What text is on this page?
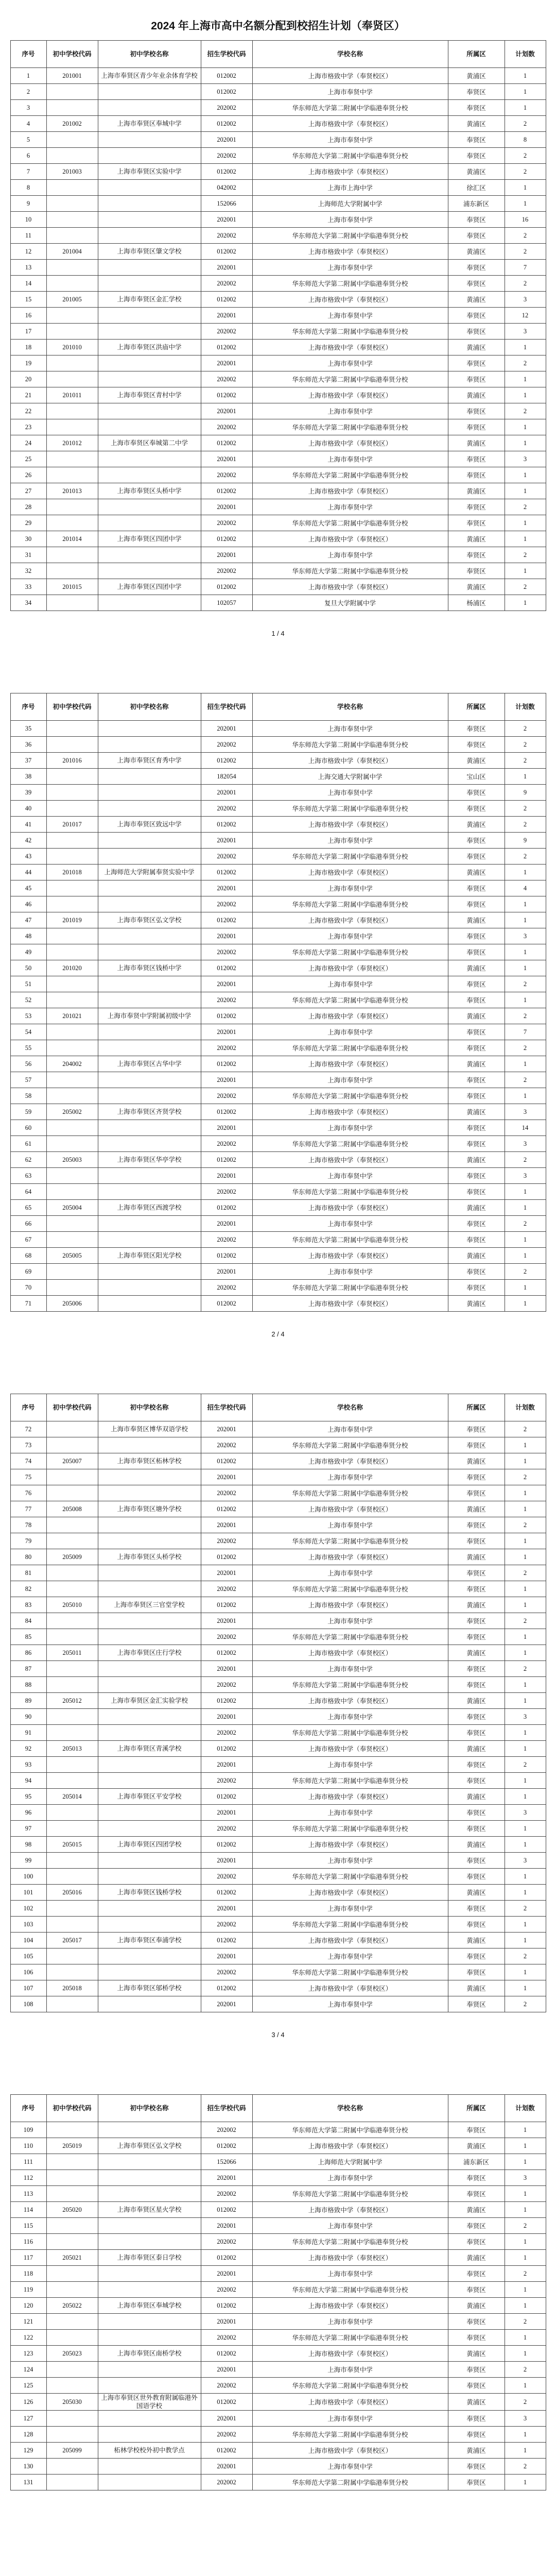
2024 年上海市高中名额分配到校招生计划（奉贤区）
序号	初中学校代码	初中学校名称	招生学校代码	学校名称	所属区	计划数
1	201001	上海市奉贤区青少年业余体育学校	012002	上海市格致中学（奉贤校区）	黄浦区	1
2			012002	上海市奉贤中学	奉贤区	1
3			202002	华东师范大学第二附属中学临港奉贤分校	奉贤区	1
4	201002	上海市奉贤区奉城中学	012002	上海市格致中学（奉贤校区）	黄浦区	2
5			202001	上海市奉贤中学	奉贤区	8
6			202002	华东师范大学第二附属中学临港奉贤分校	奉贤区	2
7	201003	上海市奉贤区实验中学	012002	上海市格致中学（奉贤校区）	黄浦区	2
8			042002	上海市上海中学	徐汇区	1
9			152066	上海师范大学附属中学	浦东新区	1
10			202001	上海市奉贤中学	奉贤区	16
11			202002	华东师范大学第二附属中学临港奉贤分校	奉贤区	2
12	201004	上海市奉贤区肇文学校	012002	上海市格致中学（奉贤校区）	黄浦区	2
13			202001	上海市奉贤中学	奉贤区	7
14			202002	华东师范大学第二附属中学临港奉贤分校	奉贤区	2
15	201005	上海市奉贤区金汇学校	012002	上海市格致中学（奉贤校区）	黄浦区	3
16			202001	上海市奉贤中学	奉贤区	12
17			202002	华东师范大学第二附属中学临港奉贤分校	奉贤区	3
18	201010	上海市奉贤区洪庙中学	012002	上海市格致中学（奉贤校区）	黄浦区	1
19			202001	上海市奉贤中学	奉贤区	2
20			202002	华东师范大学第二附属中学临港奉贤分校	奉贤区	1
21	201011	上海市奉贤区青村中学	012002	上海市格致中学（奉贤校区）	黄浦区	1
22			202001	上海市奉贤中学	奉贤区	2
23			202002	华东师范大学第二附属中学临港奉贤分校	奉贤区	1
24	201012	上海市奉贤区奉城第二中学	012002	上海市格致中学（奉贤校区）	黄浦区	1
25			202001	上海市奉贤中学	奉贤区	3
26			202002	华东师范大学第二附属中学临港奉贤分校	奉贤区	1
27	201013	上海市奉贤区头桥中学	012002	上海市格致中学（奉贤校区）	黄浦区	1
28			202001	上海市奉贤中学	奉贤区	2
29			202002	华东师范大学第二附属中学临港奉贤分校	奉贤区	1
30	201014	上海市奉贤区四团中学	012002	上海市格致中学（奉贤校区）	黄浦区	1
31			202001	上海市奉贤中学	奉贤区	2
32			202002	华东师范大学第二附属中学临港奉贤分校	奉贤区	1
33	201015	上海市奉贤区四团中学	012002	上海市格致中学（奉贤校区）	黄浦区	2
34			102057	复旦大学附属中学	杨浦区	1
1 / 4
序号	初中学校代码	初中学校名称	招生学校代码	学校名称	所属区	计划数
35			202001	上海市奉贤中学	奉贤区	2
36			202002	华东师范大学第二附属中学临港奉贤分校	奉贤区	2
37	201016	上海市奉贤区育秀中学	012002	上海市格致中学（奉贤校区）	黄浦区	2
38			182054	上海交通大学附属中学	宝山区	1
39			202001	上海市奉贤中学	奉贤区	9
40			202002	华东师范大学第二附属中学临港奉贤分校	奉贤区	2
41	201017	上海市奉贤区致远中学	012002	上海市格致中学（奉贤校区）	黄浦区	2
42			202001	上海市奉贤中学	奉贤区	9
43			202002	华东师范大学第二附属中学临港奉贤分校	奉贤区	2
44	201018	上海师范大学附属奉贤实验中学	012002	上海市格致中学（奉贤校区）	黄浦区	1
45			202001	上海市奉贤中学	奉贤区	4
46			202002	华东师范大学第二附属中学临港奉贤分校	奉贤区	1
47	201019	上海市奉贤区弘文学校	012002	上海市格致中学（奉贤校区）	黄浦区	1
48			202001	上海市奉贤中学	奉贤区	3
49			202002	华东师范大学第二附属中学临港奉贤分校	奉贤区	1
50	201020	上海市奉贤区钱桥中学	012002	上海市格致中学（奉贤校区）	黄浦区	1
51			202001	上海市奉贤中学	奉贤区	2
52			202002	华东师范大学第二附属中学临港奉贤分校	奉贤区	1
53	201021	上海市奉贤中学附属初级中学	012002	上海市格致中学（奉贤校区）	黄浦区	2
54			202001	上海市奉贤中学	奉贤区	7
55			202002	华东师范大学第二附属中学临港奉贤分校	奉贤区	2
56	204002	上海市奉贤区古华中学	012002	上海市格致中学（奉贤校区）	黄浦区	1
57			202001	上海市奉贤中学	奉贤区	2
58			202002	华东师范大学第二附属中学临港奉贤分校	奉贤区	1
59	205002	上海市奉贤区齐贤学校	012002	上海市格致中学（奉贤校区）	黄浦区	3
60			202001	上海市奉贤中学	奉贤区	14
61			202002	华东师范大学第二附属中学临港奉贤分校	奉贤区	3
62	205003	上海市奉贤区华亭学校	012002	上海市格致中学（奉贤校区）	黄浦区	2
63			202001	上海市奉贤中学	奉贤区	3
64			202002	华东师范大学第二附属中学临港奉贤分校	奉贤区	1
65	205004	上海市奉贤区西渡学校	012002	上海市格致中学（奉贤校区）	黄浦区	1
66			202001	上海市奉贤中学	奉贤区	2
67			202002	华东师范大学第二附属中学临港奉贤分校	奉贤区	1
68	205005	上海市奉贤区阳光学校	012002	上海市格致中学（奉贤校区）	黄浦区	1
69			202001	上海市奉贤中学	奉贤区	2
70			202002	华东师范大学第二附属中学临港奉贤分校	奉贤区	1
71	205006		012002	上海市格致中学（奉贤校区）	黄浦区	1
2 / 4
序号	初中学校代码	初中学校名称	招生学校代码	学校名称	所属区	计划数
72		上海市奉贤区博华双语学校	202001	上海市奉贤中学	奉贤区	2
73			202002	华东师范大学第二附属中学临港奉贤分校	奉贤区	1
74	205007	上海市奉贤区柘林学校	012002	上海市格致中学（奉贤校区）	黄浦区	1
75			202001	上海市奉贤中学	奉贤区	2
76			202002	华东师范大学第二附属中学临港奉贤分校	奉贤区	1
77	205008	上海市奉贤区塘外学校	012002	上海市格致中学（奉贤校区）	黄浦区	1
78			202001	上海市奉贤中学	奉贤区	2
79			202002	华东师范大学第二附属中学临港奉贤分校	奉贤区	1
80	205009	上海市奉贤区头桥学校	012002	上海市格致中学（奉贤校区）	黄浦区	1
81			202001	上海市奉贤中学	奉贤区	2
82			202002	华东师范大学第二附属中学临港奉贤分校	奉贤区	1
83	205010	上海市奉贤区三官堂学校	012002	上海市格致中学（奉贤校区）	黄浦区	1
84			202001	上海市奉贤中学	奉贤区	2
85			202002	华东师范大学第二附属中学临港奉贤分校	奉贤区	1
86	205011	上海市奉贤区庄行学校	012002	上海市格致中学（奉贤校区）	黄浦区	1
87			202001	上海市奉贤中学	奉贤区	2
88			202002	华东师范大学第二附属中学临港奉贤分校	奉贤区	1
89	205012	上海市奉贤区金汇实验学校	012002	上海市格致中学（奉贤校区）	黄浦区	1
90			202001	上海市奉贤中学	奉贤区	3
91			202002	华东师范大学第二附属中学临港奉贤分校	奉贤区	1
92	205013	上海市奉贤区青溪学校	012002	上海市格致中学（奉贤校区）	黄浦区	1
93			202001	上海市奉贤中学	奉贤区	2
94			202002	华东师范大学第二附属中学临港奉贤分校	奉贤区	1
95	205014	上海市奉贤区平安学校	012002	上海市格致中学（奉贤校区）	黄浦区	1
96			202001	上海市奉贤中学	奉贤区	3
97			202002	华东师范大学第二附属中学临港奉贤分校	奉贤区	1
98	205015	上海市奉贤区四团学校	012002	上海市格致中学（奉贤校区）	黄浦区	1
99			202001	上海市奉贤中学	奉贤区	3
100			202002	华东师范大学第二附属中学临港奉贤分校	奉贤区	1
101	205016	上海市奉贤区钱桥学校	012002	上海市格致中学（奉贤校区）	黄浦区	1
102			202001	上海市奉贤中学	奉贤区	2
103			202002	华东师范大学第二附属中学临港奉贤分校	奉贤区	1
104	205017	上海市奉贤区奉浦学校	012002	上海市格致中学（奉贤校区）	黄浦区	1
105			202001	上海市奉贤中学	奉贤区	2
106			202002	华东师范大学第二附属中学临港奉贤分校	奉贤区	1
107	205018	上海市奉贤区邬桥学校	012002	上海市格致中学（奉贤校区）	黄浦区	1
108			202001	上海市奉贤中学	奉贤区	2
3 / 4
序号	初中学校代码	初中学校名称	招生学校代码	学校名称	所属区	计划数
109			202002	华东师范大学第二附属中学临港奉贤分校	奉贤区	1
110	205019	上海市奉贤区弘文学校	012002	上海市格致中学（奉贤校区）	黄浦区	1
111			152066	上海师范大学附属中学	浦东新区	1
112			202001	上海市奉贤中学	奉贤区	3
113			202002	华东师范大学第二附属中学临港奉贤分校	奉贤区	1
114	205020	上海市奉贤区星火学校	012002	上海市格致中学（奉贤校区）	黄浦区	1
115			202001	上海市奉贤中学	奉贤区	2
116			202002	华东师范大学第二附属中学临港奉贤分校	奉贤区	1
117	205021	上海市奉贤区泰日学校	012002	上海市格致中学（奉贤校区）	黄浦区	1
118			202001	上海市奉贤中学	奉贤区	2
119			202002	华东师范大学第二附属中学临港奉贤分校	奉贤区	1
120	205022	上海市奉贤区奉城学校	012002	上海市格致中学（奉贤校区）	黄浦区	1
121			202001	上海市奉贤中学	奉贤区	2
122			202002	华东师范大学第二附属中学临港奉贤分校	奉贤区	1
123	205023	上海市奉贤区南桥学校	012002	上海市格致中学（奉贤校区）	黄浦区	1
124			202001	上海市奉贤中学	奉贤区	2
125			202002	华东师范大学第二附属中学临港奉贤分校	奉贤区	1
126	205030	上海市奉贤区世外教育附属临港外国语学校	012002	上海市格致中学（奉贤校区）	黄浦区	2
127			202001	上海市奉贤中学	奉贤区	3
128			202002	华东师范大学第二附属中学临港奉贤分校	奉贤区	1
129	205099	柘林学校校外初中教学点	012002	上海市格致中学（奉贤校区）	黄浦区	1
130			202001	上海市奉贤中学	奉贤区	2
131			202002	华东师范大学第二附属中学临港奉贤分校	奉贤区	1
